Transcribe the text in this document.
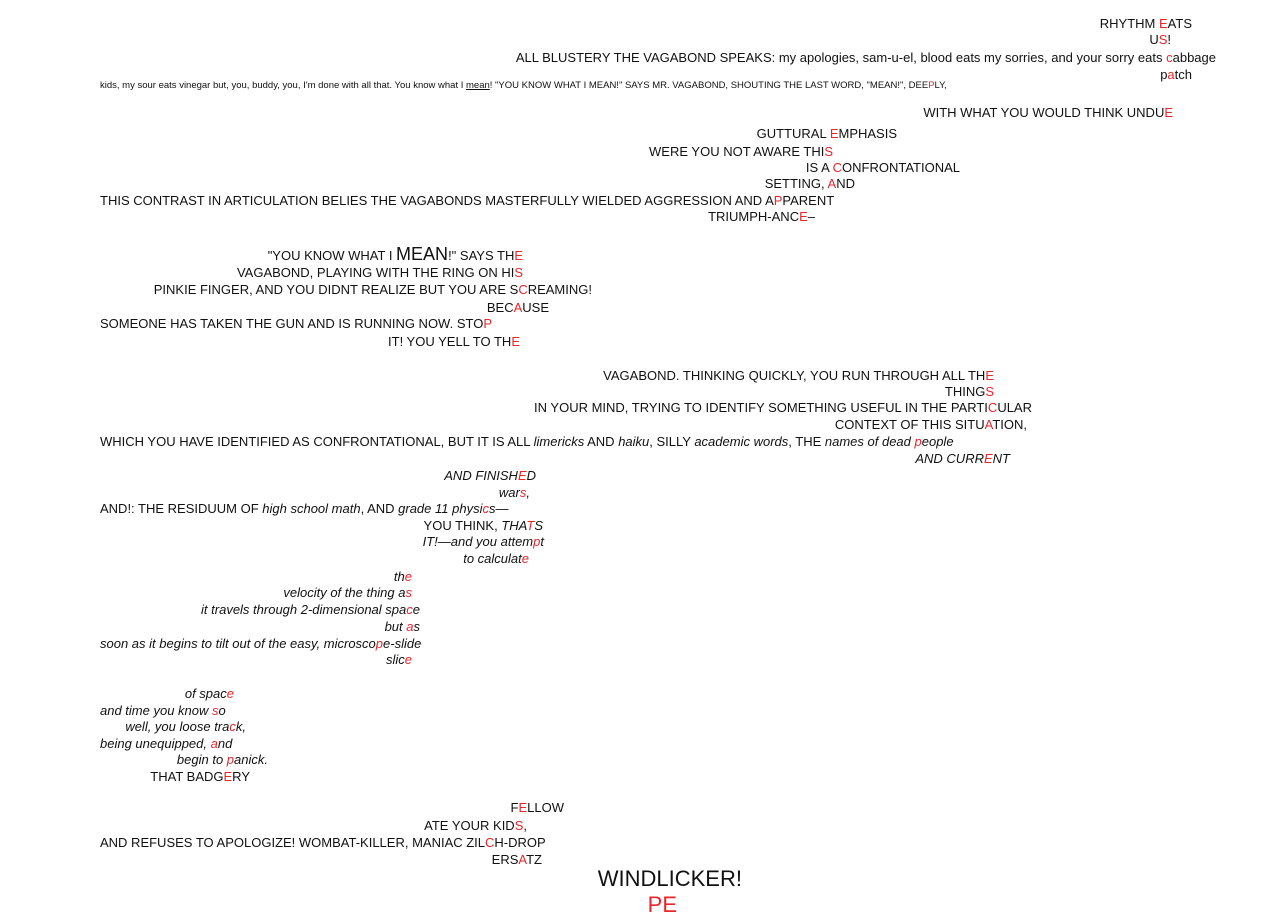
RHYTHM EATS
US!
ALL BLUSTERY THE VAGABOND SPEAKS: my apologies, sam-u-el, blood eats my sorries, and your sorry eats cabbage
patch
kids, my sour eats vinegar but, you, buddy, you, I'm done with all that. You know what I mean! "YOU KNOW WHAT I MEAN!" SAYS MR. VAGABOND, SHOUTING THE LAST WORD, "MEAN!", DEEPLY,
WITH WHAT YOU WOULD THINK UNDUE
GUTTURAL EMPHASIS
WERE YOU NOT AWARE THIS
IS A CONFRONTATIONAL
SETTING, AND
THIS CONTRAST IN ARTICULATION BELIES THE VAGABONDS MASTERFULLY WIELDED AGGRESSION AND APPARENT
TRIUMPH-ANCE–
"YOU KNOW WHAT I MEAN!" SAYS THE
VAGABOND, PLAYING WITH THE RING ON HIS
PINKIE FINGER, AND YOU DIDNT REALIZE BUT YOU ARE SCREAMING!
BECAUSE
SOMEONE HAS TAKEN THE GUN AND IS RUNNING NOW. STOP
IT! YOU YELL TO THE
VAGABOND. THINKING QUICKLY, YOU RUN THROUGH ALL THE
THINGS
IN YOUR MIND, TRYING TO IDENTIFY SOMETHING USEFUL IN THE PARTICULAR
CONTEXT OF THIS SITUATION,
WHICH YOU HAVE IDENTIFIED AS CONFRONTATIONAL, BUT IT IS ALL limericks AND haiku, SILLY academic words, THE names of dead people
AND CURRENT
AND FINISHED
wars,
AND!: THE RESIDUUM OF high school math, AND grade 11 physics—
YOU THINK, THATS
IT!—and you attempt
to calculate
the
velocity of the thing as
it travels through 2-dimensional space
but as
soon as it begins to tilt out of the easy, microscope-slide
slice
of space
and time you know so
well, you loose track,
being unequipped, and
begin to panick.
THAT BADGERY
FELLOW
ATE YOUR KIDS,
AND REFUSES TO APOLOGIZE! WOMBAT-KILLER, MANIAC ZILCH-DROP
ERSATZ
WINDLICKER!
PE
